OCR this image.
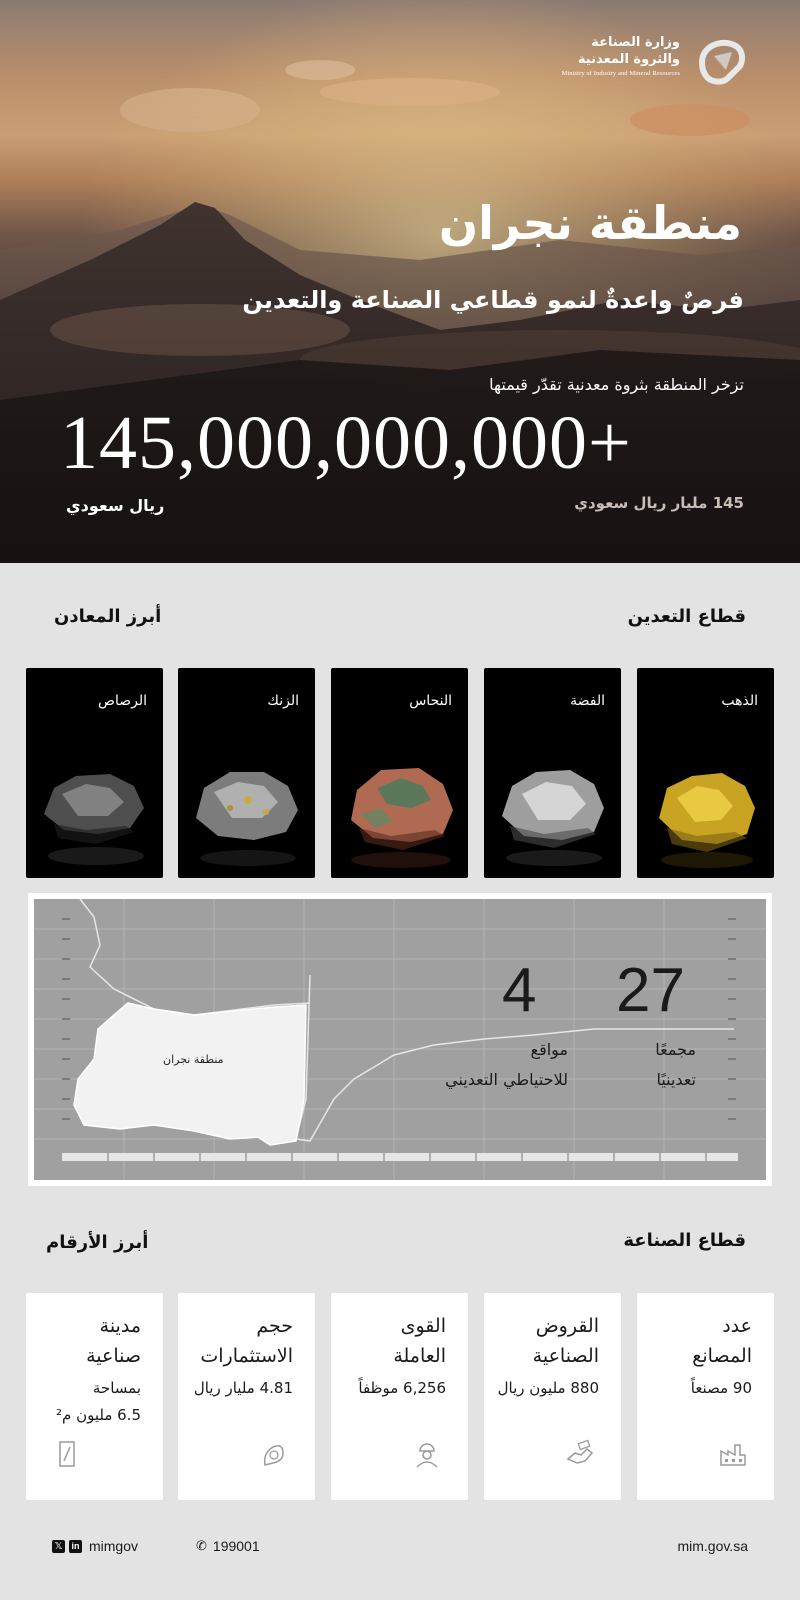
وزارة الصناعة
والثروة المعدنية
Ministry of Industry and Mineral Resources
منطقة نجران
فرصٌ واعدةٌ لنمو قطاعي الصناعة والتعدين
تزخر المنطقة بثروة معدنية تقدّر قيمتها
145,000,000,000+
ريال سعودي	145 مليار ريال سعودي
قطاع التعدين
أبرز المعادن
الذهب
الفضة
النحاس
الزنك
الرصاص
منطقة نجران
27
مجمعًا
تعدينيًا
4
مواقع
للاحتياطي التعديني
قطاع الصناعة
أبرز الأرقام
عدد
المصانع
90 مصنعاً
القروض
الصناعية
880 مليون ريال
القوى
العاملة
6,256 موظفاً
حجم
الاستثمارات
4.81 مليار ريال
مدينة
صناعية
بمساحة
6.5 مليون م²
𝕏 in mimgov	✆ 199001	mim.gov.sa
